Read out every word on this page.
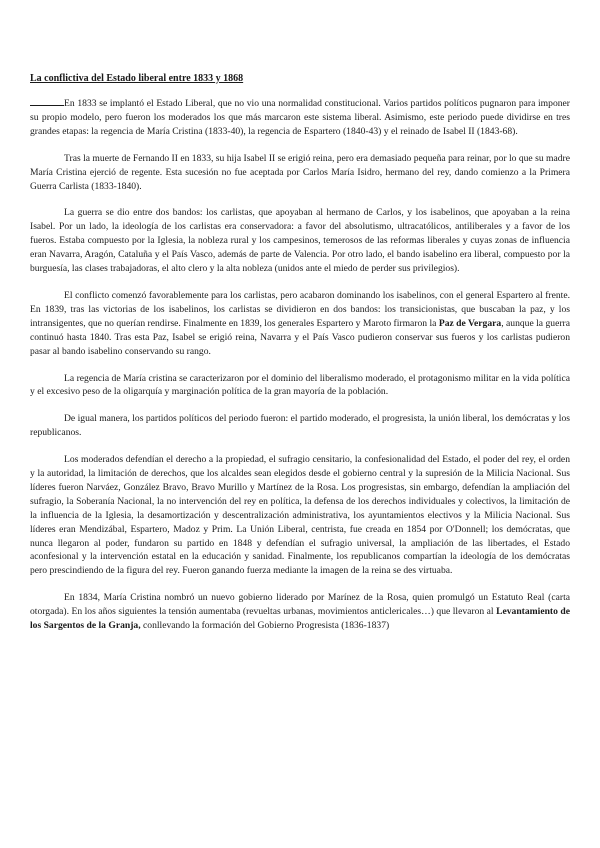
La conflictiva del Estado liberal entre 1833 y 1868

En 1833 se implantó el Estado Liberal, que no vio una normalidad constitucional. Varios partidos políticos pugnaron para imponer su propio modelo, pero fueron los moderados los que más marcaron este sistema liberal. Asimismo, este periodo puede dividirse en tres grandes etapas: la regencia de María Cristina (1833-40), la regencia de Espartero (1840-43) y el reinado de Isabel II (1843-68).

Tras la muerte de Fernando II en 1833, su hija Isabel II se erigió reina, pero era demasiado pequeña para reinar, por lo que su madre María Cristina ejerció de regente. Esta sucesión no fue aceptada por Carlos María Isidro, hermano del rey, dando comienzo a la Primera Guerra Carlista (1833-1840).

La guerra se dio entre dos bandos: los carlistas, que apoyaban al hermano de Carlos, y los isabelinos, que apoyaban a la reina Isabel. Por un lado, la ideología de los carlistas era conservadora: a favor del absolutismo, ultracatólicos, antiliberales y a favor de los fueros. Estaba compuesto por la Iglesia, la nobleza rural y los campesinos, temerosos de las reformas liberales y cuyas zonas de influencia eran Navarra, Aragón, Cataluña y el País Vasco, además de parte de Valencia. Por otro lado, el bando isabelino era liberal, compuesto por la burguesía, las clases trabajadoras, el alto clero y la alta nobleza (unidos ante el miedo de perder sus privilegios).

El conflicto comenzó favorablemente para los carlistas, pero acabaron dominando los isabelinos, con el general Espartero al frente. En 1839, tras las victorias de los isabelinos, los carlistas se dividieron en dos bandos: los transicionistas, que buscaban la paz, y los intransigentes, que no querían rendirse. Finalmente en 1839, los generales Espartero y Maroto firmaron la Paz de Vergara, aunque la guerra continuó hasta 1840. Tras esta Paz, Isabel se erigió reina, Navarra y el País Vasco pudieron conservar sus fueros y los carlistas pudieron pasar al bando isabelino conservando su rango.

La regencia de María cristina se caracterizaron por el dominio del liberalismo moderado, el protagonismo militar en la vida política y el excesivo peso de la oligarquía y marginación política de la gran mayoría de la población.

De igual manera, los partidos políticos del periodo fueron: el partido moderado, el progresista, la unión liberal, los demócratas y los republicanos.

Los moderados defendían el derecho a la propiedad, el sufragio censitario, la confesionalidad del Estado, el poder del rey, el orden y la autoridad, la limitación de derechos, que los alcaldes sean elegidos desde el gobierno central y la supresión de la Milicia Nacional. Sus líderes fueron Narváez, González Bravo, Bravo Murillo y Martínez de la Rosa. Los progresistas, sin embargo, defendían la ampliación del sufragio, la Soberanía Nacional, la no intervención del rey en política, la defensa de los derechos individuales y colectivos, la limitación de la influencia de la Iglesia, la desamortización y descentralización administrativa, los ayuntamientos electivos y la Milicia Nacional. Sus líderes eran Mendizábal, Espartero, Madoz y Prim. La Unión Liberal, centrista, fue creada en 1854 por O'Donnell; los demócratas, que nunca llegaron al poder, fundaron su partido en 1848 y defendían el sufragio universal, la ampliación de las libertades, el Estado aconfesional y la intervención estatal en la educación y sanidad. Finalmente, los republicanos compartían la ideología de los demócratas pero prescindiendo de la figura del rey. Fueron ganando fuerza mediante la imagen de la reina se des virtuaba.

En 1834, María Cristina nombró un nuevo gobierno liderado por Marínez de la Rosa, quien promulgó un Estatuto Real (carta otorgada). En los años siguientes la tensión aumentaba (revueltas urbanas, movimientos anticlericales…) que llevaron al Levantamiento de los Sargentos de la Granja, conllevando la formación del Gobierno Progresista (1836-1837)
